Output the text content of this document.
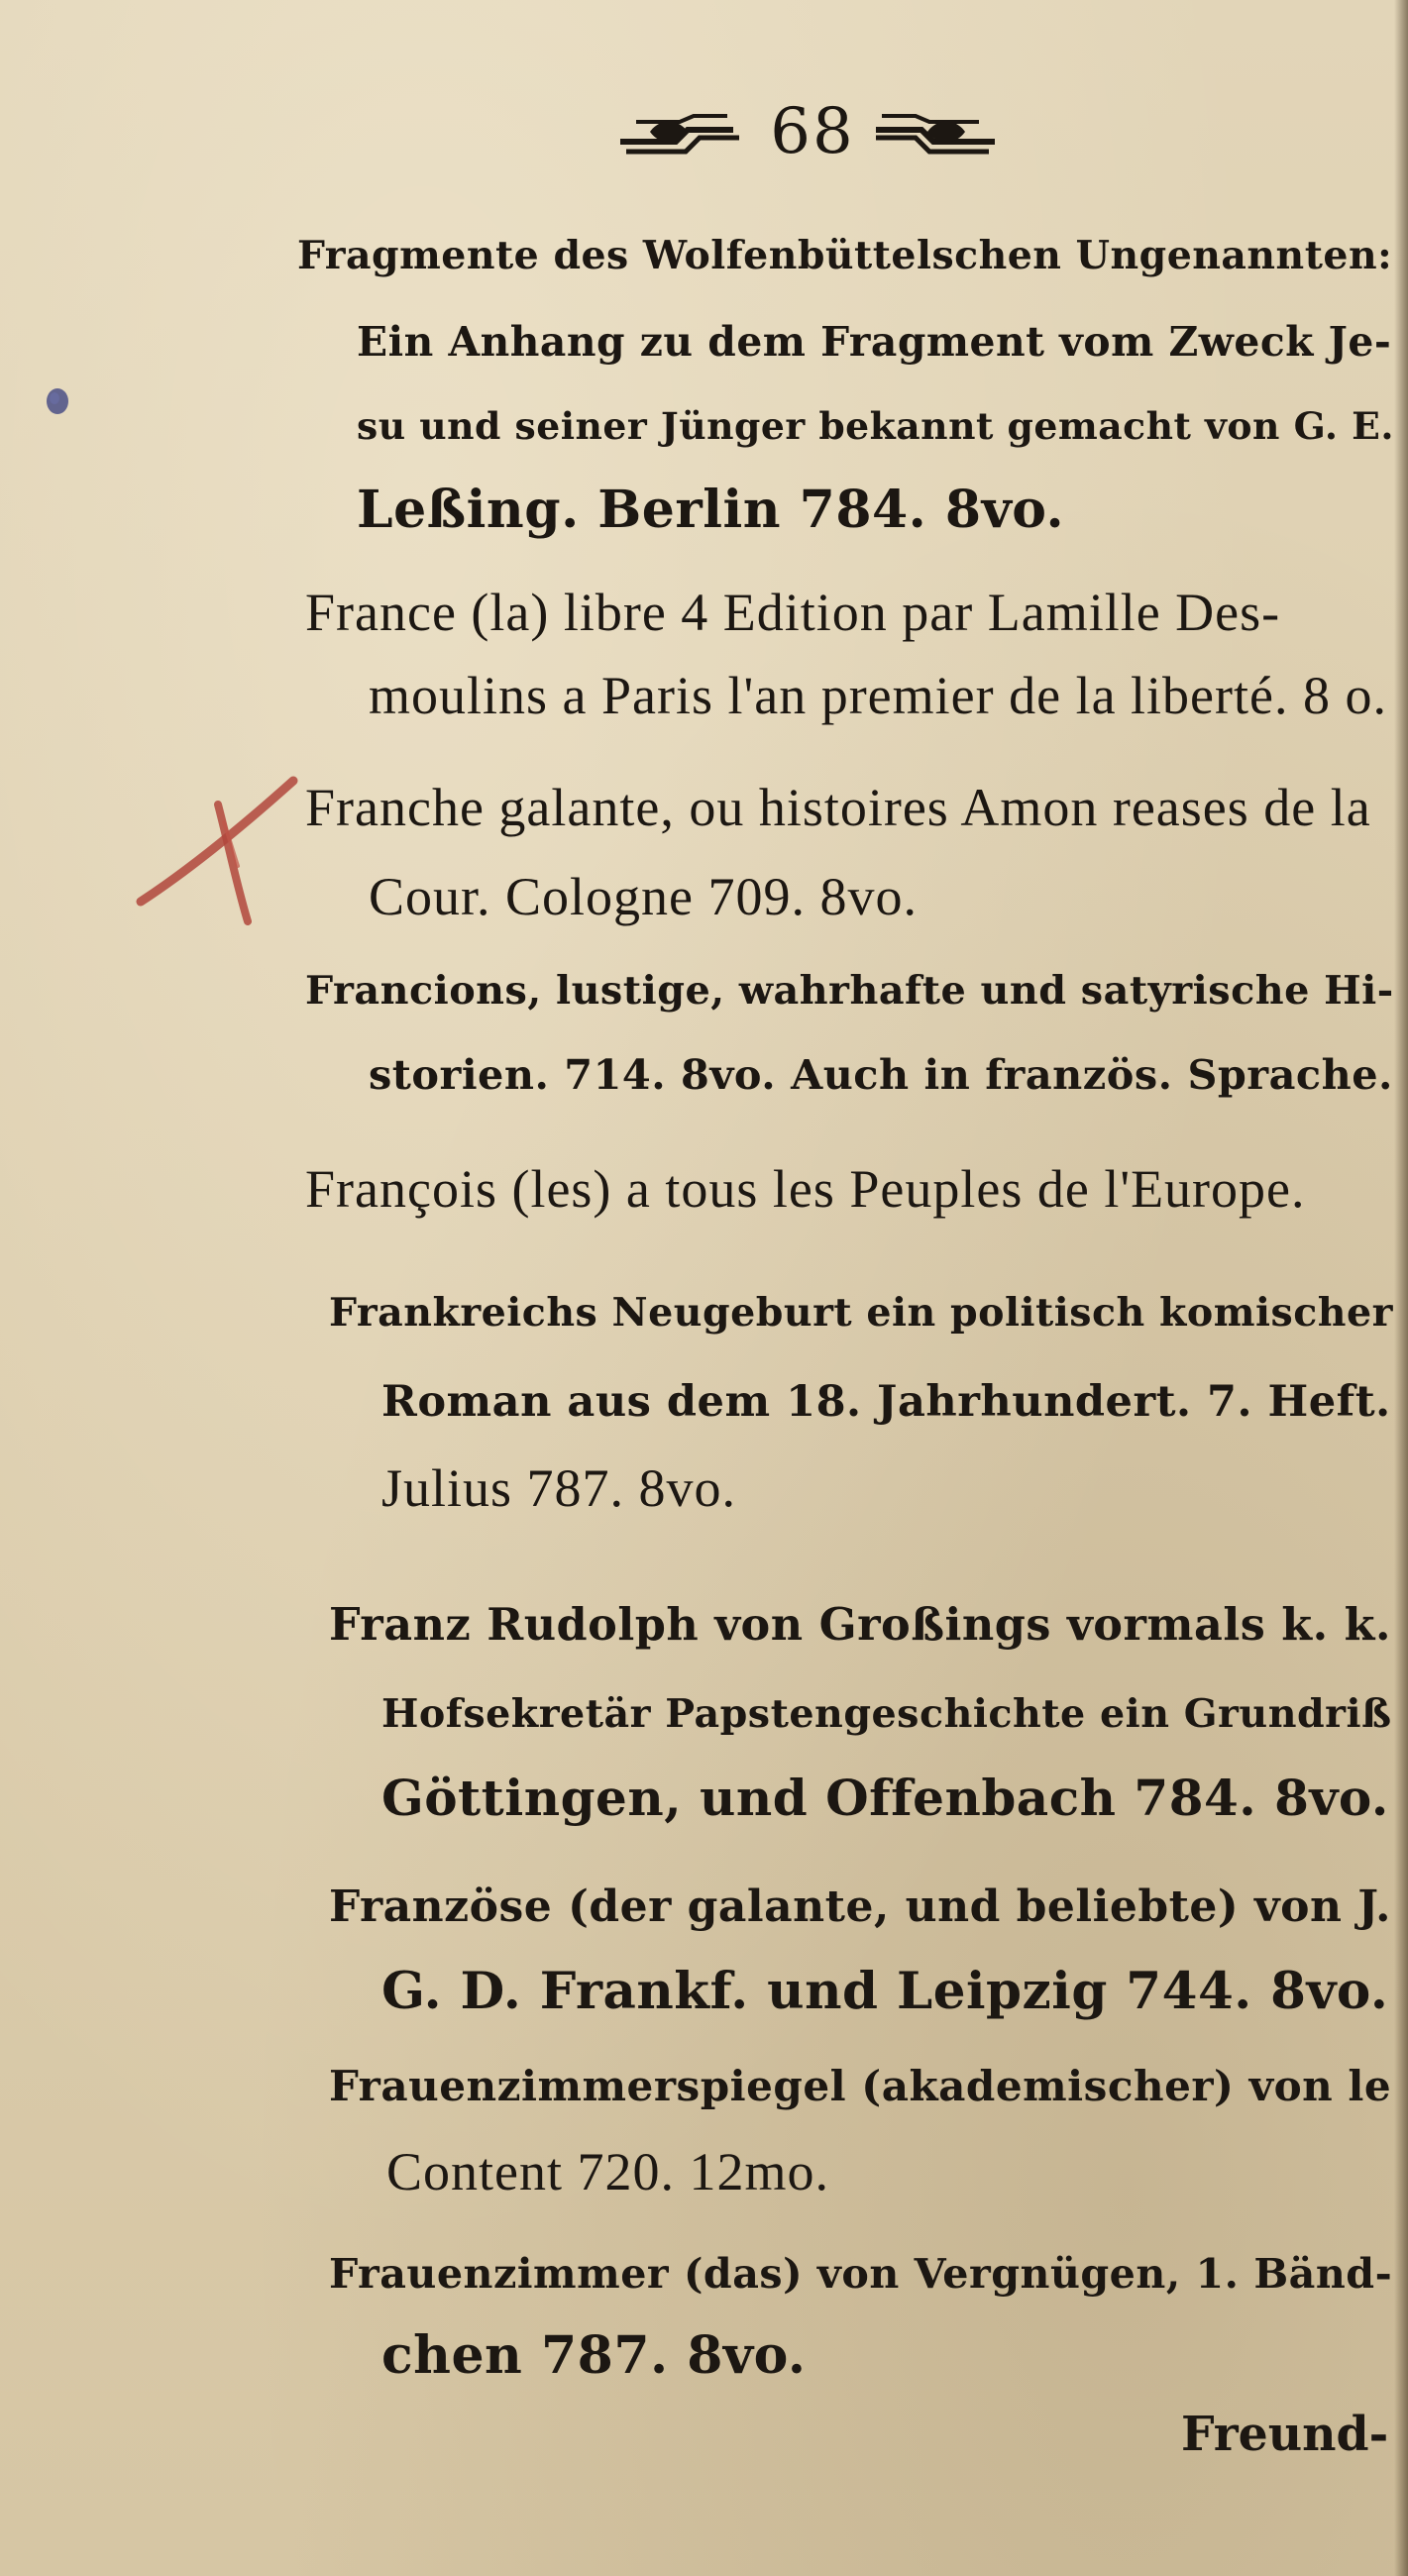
68
Fragmente des Wolfenbüttelschen Ungenannten:
Ein Anhang zu dem Fragment vom Zweck Je-
su und seiner Jünger bekannt gemacht von G. E.
Leßing. Berlin 784. 8vo.
France (la) libre 4 Edition par Lamille Des-
moulins a Paris l'an premier de la liberté. 8 o.
Franche galante, ou histoires Amon reases de la
Cour. Cologne 709. 8vo.
Francions, lustige, wahrhafte und satyrische Hi-
storien. 714. 8vo. Auch in französ. Sprache.
François (les) a tous les Peuples de l'Europe.
Frankreichs Neugeburt ein politisch komischer
Roman aus dem 18. Jahrhundert. 7. Heft.
Julius 787. 8vo.
Franz Rudolph von Großings vormals k. k.
Hofsekretär Papstengeschichte ein Grundriß
Göttingen, und Offenbach 784. 8vo.
Französe (der galante, und beliebte) von J.
G. D. Frankf. und Leipzig 744. 8vo.
Frauenzimmerspiegel (akademischer) von le
Content 720. 12mo.
Frauenzimmer (das) von Vergnügen, 1. Bänd-
chen 787. 8vo.
Freund-
